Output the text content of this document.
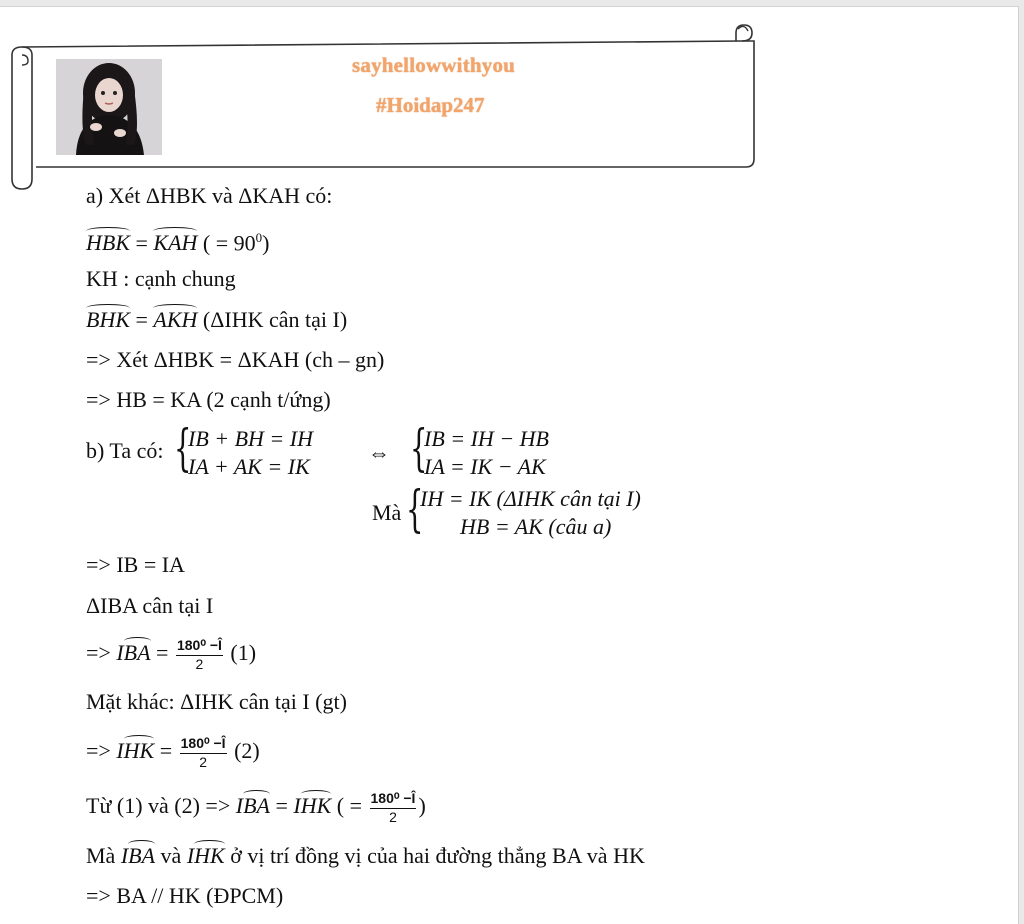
sayhellowwithyou
#Hoidap247
a) Xét ΔHBK và ΔKAH có:
HBK = KAH ( = $90^0$)
KH : cạnh chung
BHK = AKH (ΔIHK cân tại I)
=> Xét ΔHBK = ΔKAH (ch – gn)
=> HB = KA (2 cạnh t/ứng)
b) Ta có: {
IB + BH = IH
IA + AK = IK
⇔ {
IB = IH − HB
IA = IK − AK
Mà {
IH = IK (ΔIHK cân tại I)
HB = AK (câu a)
=> IB = IA
ΔIBA cân tại I
=> IBA = $\frac{\text{180⁰ −Î}}{2} (1)$
Mặt khác: ΔIHK cân tại I (gt)
=> IHK = $\frac{\text{180⁰ −Î}}{2} (2)$
Từ (1) và (2) => IBA = IHK ( = $\frac{\text{180⁰ −Î}}{2}$ )
Mà IBA và IHK ở vị trí đồng vị của hai đường thẳng BA và HK
=> BA // HK (ĐPCM)
